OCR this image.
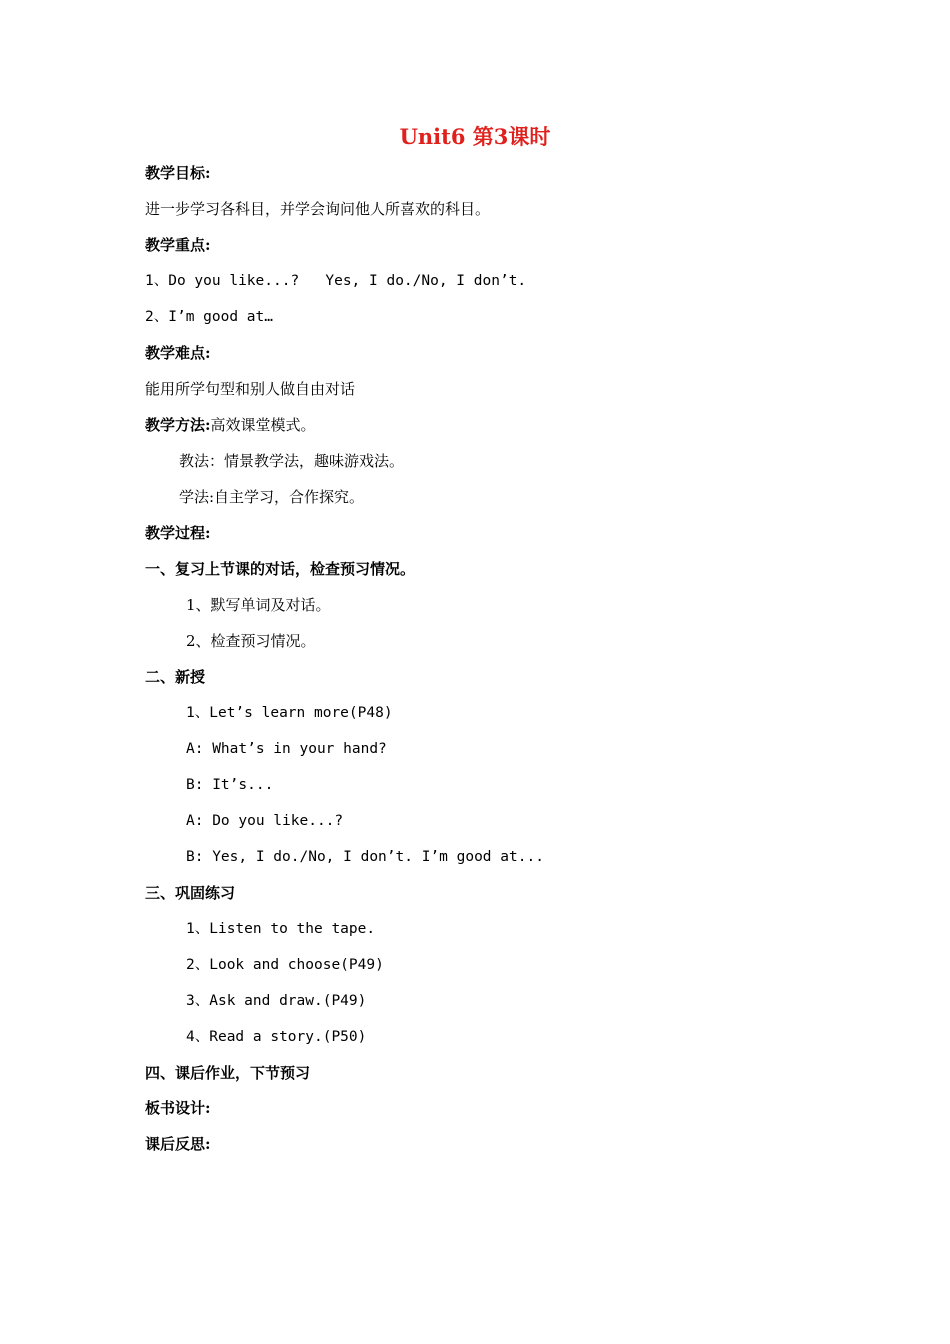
Unit6 第3课时
教学目标:
进一步学习各科目，并学会询问他人所喜欢的科目。
教学重点:
1、Do you like...?   Yes, I do./No, I don’t.
2、I’m good at…
教学难点:
能用所学句型和别人做自由对话
教学方法:高效课堂模式。
教法：情景教学法，趣味游戏法。
学法:自主学习，合作探究。
教学过程:
一、复习上节课的对话，检查预习情况。
1、默写单词及对话。
2、检查预习情况。
二、新授
1、Let’s learn more(P48)
A: What’s in your hand?
B: It’s...
A: Do you like...?
B: Yes, I do./No, I don’t. I’m good at...
三、巩固练习
1、Listen to the tape.
2、Look and choose(P49)
3、Ask and draw.(P49)
4、Read a story.(P50)
四、课后作业，下节预习
板书设计:
课后反思:
